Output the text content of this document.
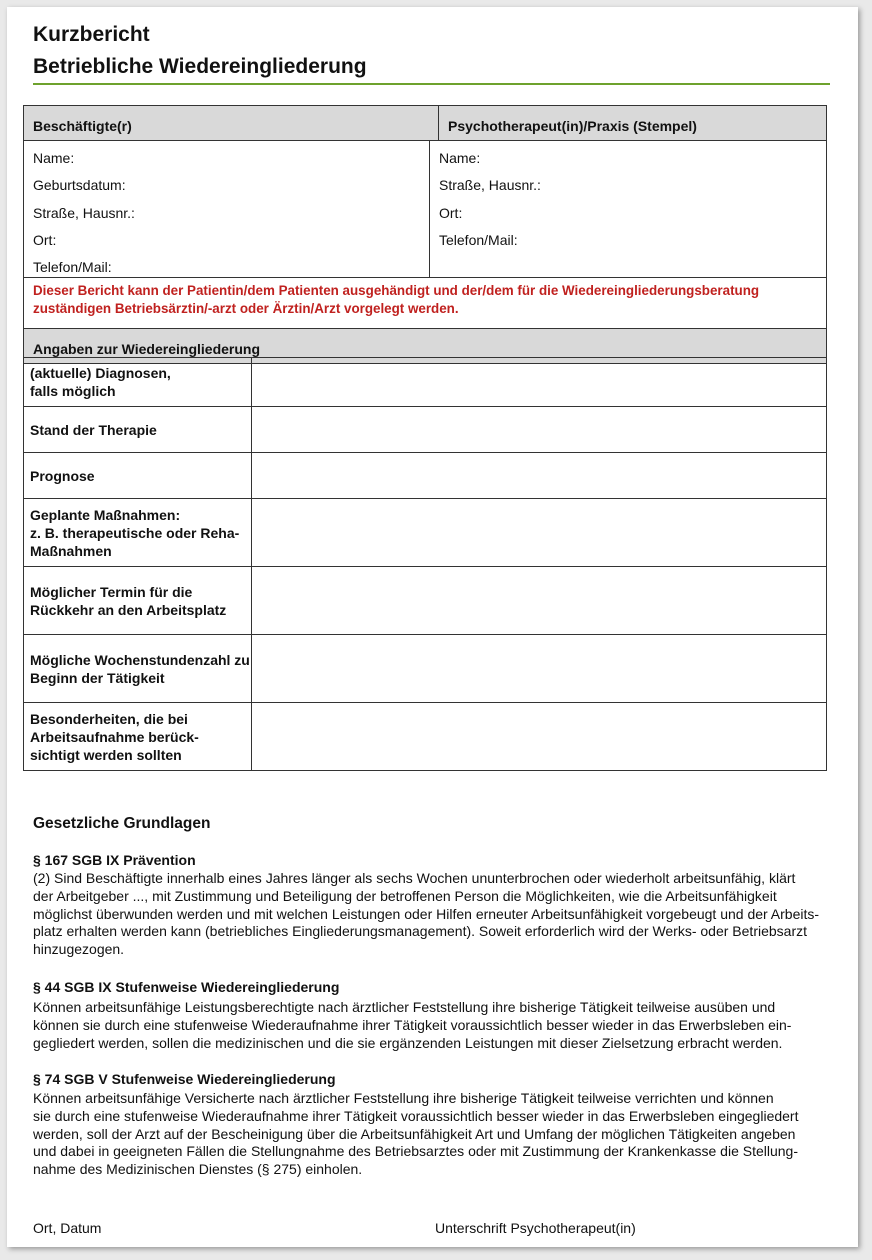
Kurzbericht
Betriebliche Wiedereingliederung
Beschäftigte(r)	Psychotherapeut(in)/Praxis (Stempel)
Name:
Geburtsdatum:
Straße, Hausnr.:
Ort:
Telefon/Mail:
Name:
Straße, Hausnr.:
Ort:
Telefon/Mail:
Dieser Bericht kann der Patientin/dem Patienten ausgehändigt und der/dem für die Wiedereingliederungsberatung
zuständigen Betriebsärztin/-arzt oder Ärztin/Arzt vorgelegt werden.
Angaben zur Wiedereingliederung
(aktuelle) Diagnosen,
falls möglich
Stand der Therapie
Prognose
Geplante Maßnahmen:
z. B. therapeutische oder Reha-
Maßnahmen
Möglicher Termin für die
Rückkehr an den Arbeitsplatz
Mögliche Wochenstundenzahl zu
Beginn der Tätigkeit
Besonderheiten, die bei
Arbeitsaufnahme berück-
sichtigt werden sollten
Gesetzliche Grundlagen
§ 167 SGB IX Prävention
(2) Sind Beschäftigte innerhalb eines Jahres länger als sechs Wochen ununterbrochen oder wiederholt arbeitsunfähig, klärt
der Arbeitgeber ..., mit Zustimmung und Beteiligung der betroffenen Person die Möglichkeiten, wie die Arbeitsunfähigkeit
möglichst überwunden werden und mit welchen Leistungen oder Hilfen erneuter Arbeitsunfähigkeit vorgebeugt und der Arbeits-
platz erhalten werden kann (betriebliches Eingliederungsmanagement). Soweit erforderlich wird der Werks- oder Betriebsarzt
hinzugezogen.
§ 44 SGB IX Stufenweise Wiedereingliederung
Können arbeitsunfähige Leistungsberechtigte nach ärztlicher Feststellung ihre bisherige Tätigkeit teilweise ausüben und
können sie durch eine stufenweise Wiederaufnahme ihrer Tätigkeit voraussichtlich besser wieder in das Erwerbsleben ein-
gegliedert werden, sollen die medizinischen und die sie ergänzenden Leistungen mit dieser Zielsetzung erbracht werden.
§ 74 SGB V Stufenweise Wiedereingliederung
Können arbeitsunfähige Versicherte nach ärztlicher Feststellung ihre bisherige Tätigkeit teilweise verrichten und können
sie durch eine stufenweise Wiederaufnahme ihrer Tätigkeit voraussichtlich besser wieder in das Erwerbsleben eingegliedert
werden, soll der Arzt auf der Bescheinigung über die Arbeitsunfähigkeit Art und Umfang der möglichen Tätigkeiten angeben
und dabei in geeigneten Fällen die Stellungnahme des Betriebsarztes oder mit Zustimmung der Krankenkasse die Stellung-
nahme des Medizinischen Dienstes (§ 275) einholen.
Ort, Datum	Unterschrift Psychotherapeut(in)
